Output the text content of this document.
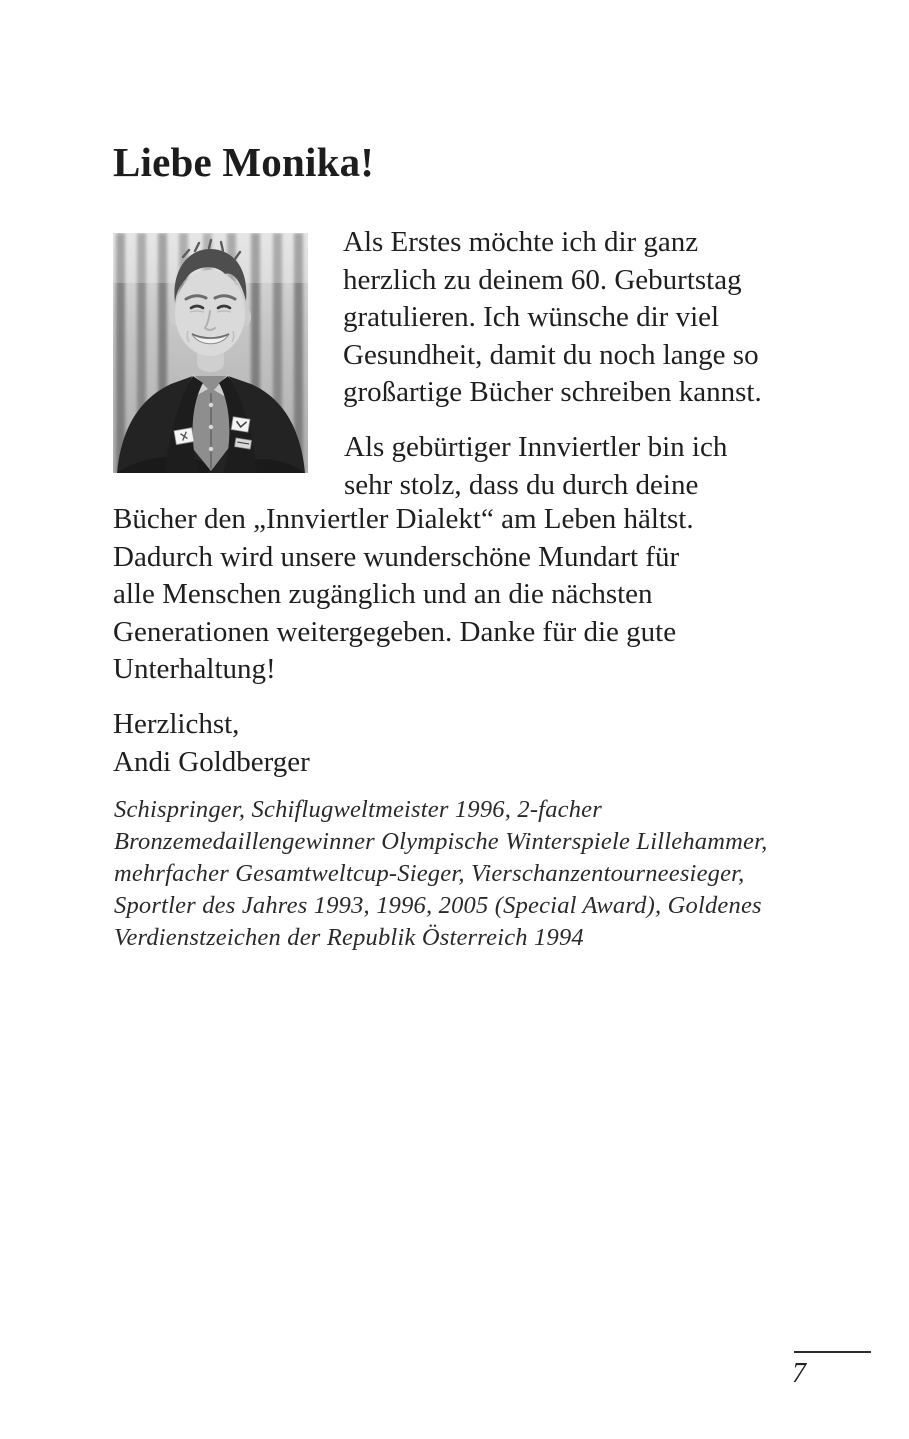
Liebe Monika!
Als Erstes möchte ich dir ganz
herzlich zu deinem 60. Geburtstag
gratulieren. Ich wünsche dir viel
Gesundheit, damit du noch lange so
großartige Bücher schreiben kannst.
Als gebürtiger Innviertler bin ich
sehr stolz, dass du durch deine
Bücher den „Innviertler Dialekt“ am Leben hältst.
Dadurch wird unsere wunderschöne Mundart für
alle Menschen zugänglich und an die nächsten
Generationen weitergegeben. Danke für die gute
Unterhaltung!
Herzlichst,
Andi Goldberger
Schispringer, Schiflugweltmeister 1996, 2-facher
Bronzemedaillengewinner Olympische Winterspiele Lillehammer,
mehrfacher Gesamtweltcup-Sieger, Vierschanzentourneesieger,
Sportler des Jahres 1993, 1996, 2005 (Special Award), Goldenes
Verdienstzeichen der Republik Österreich 1994
7
